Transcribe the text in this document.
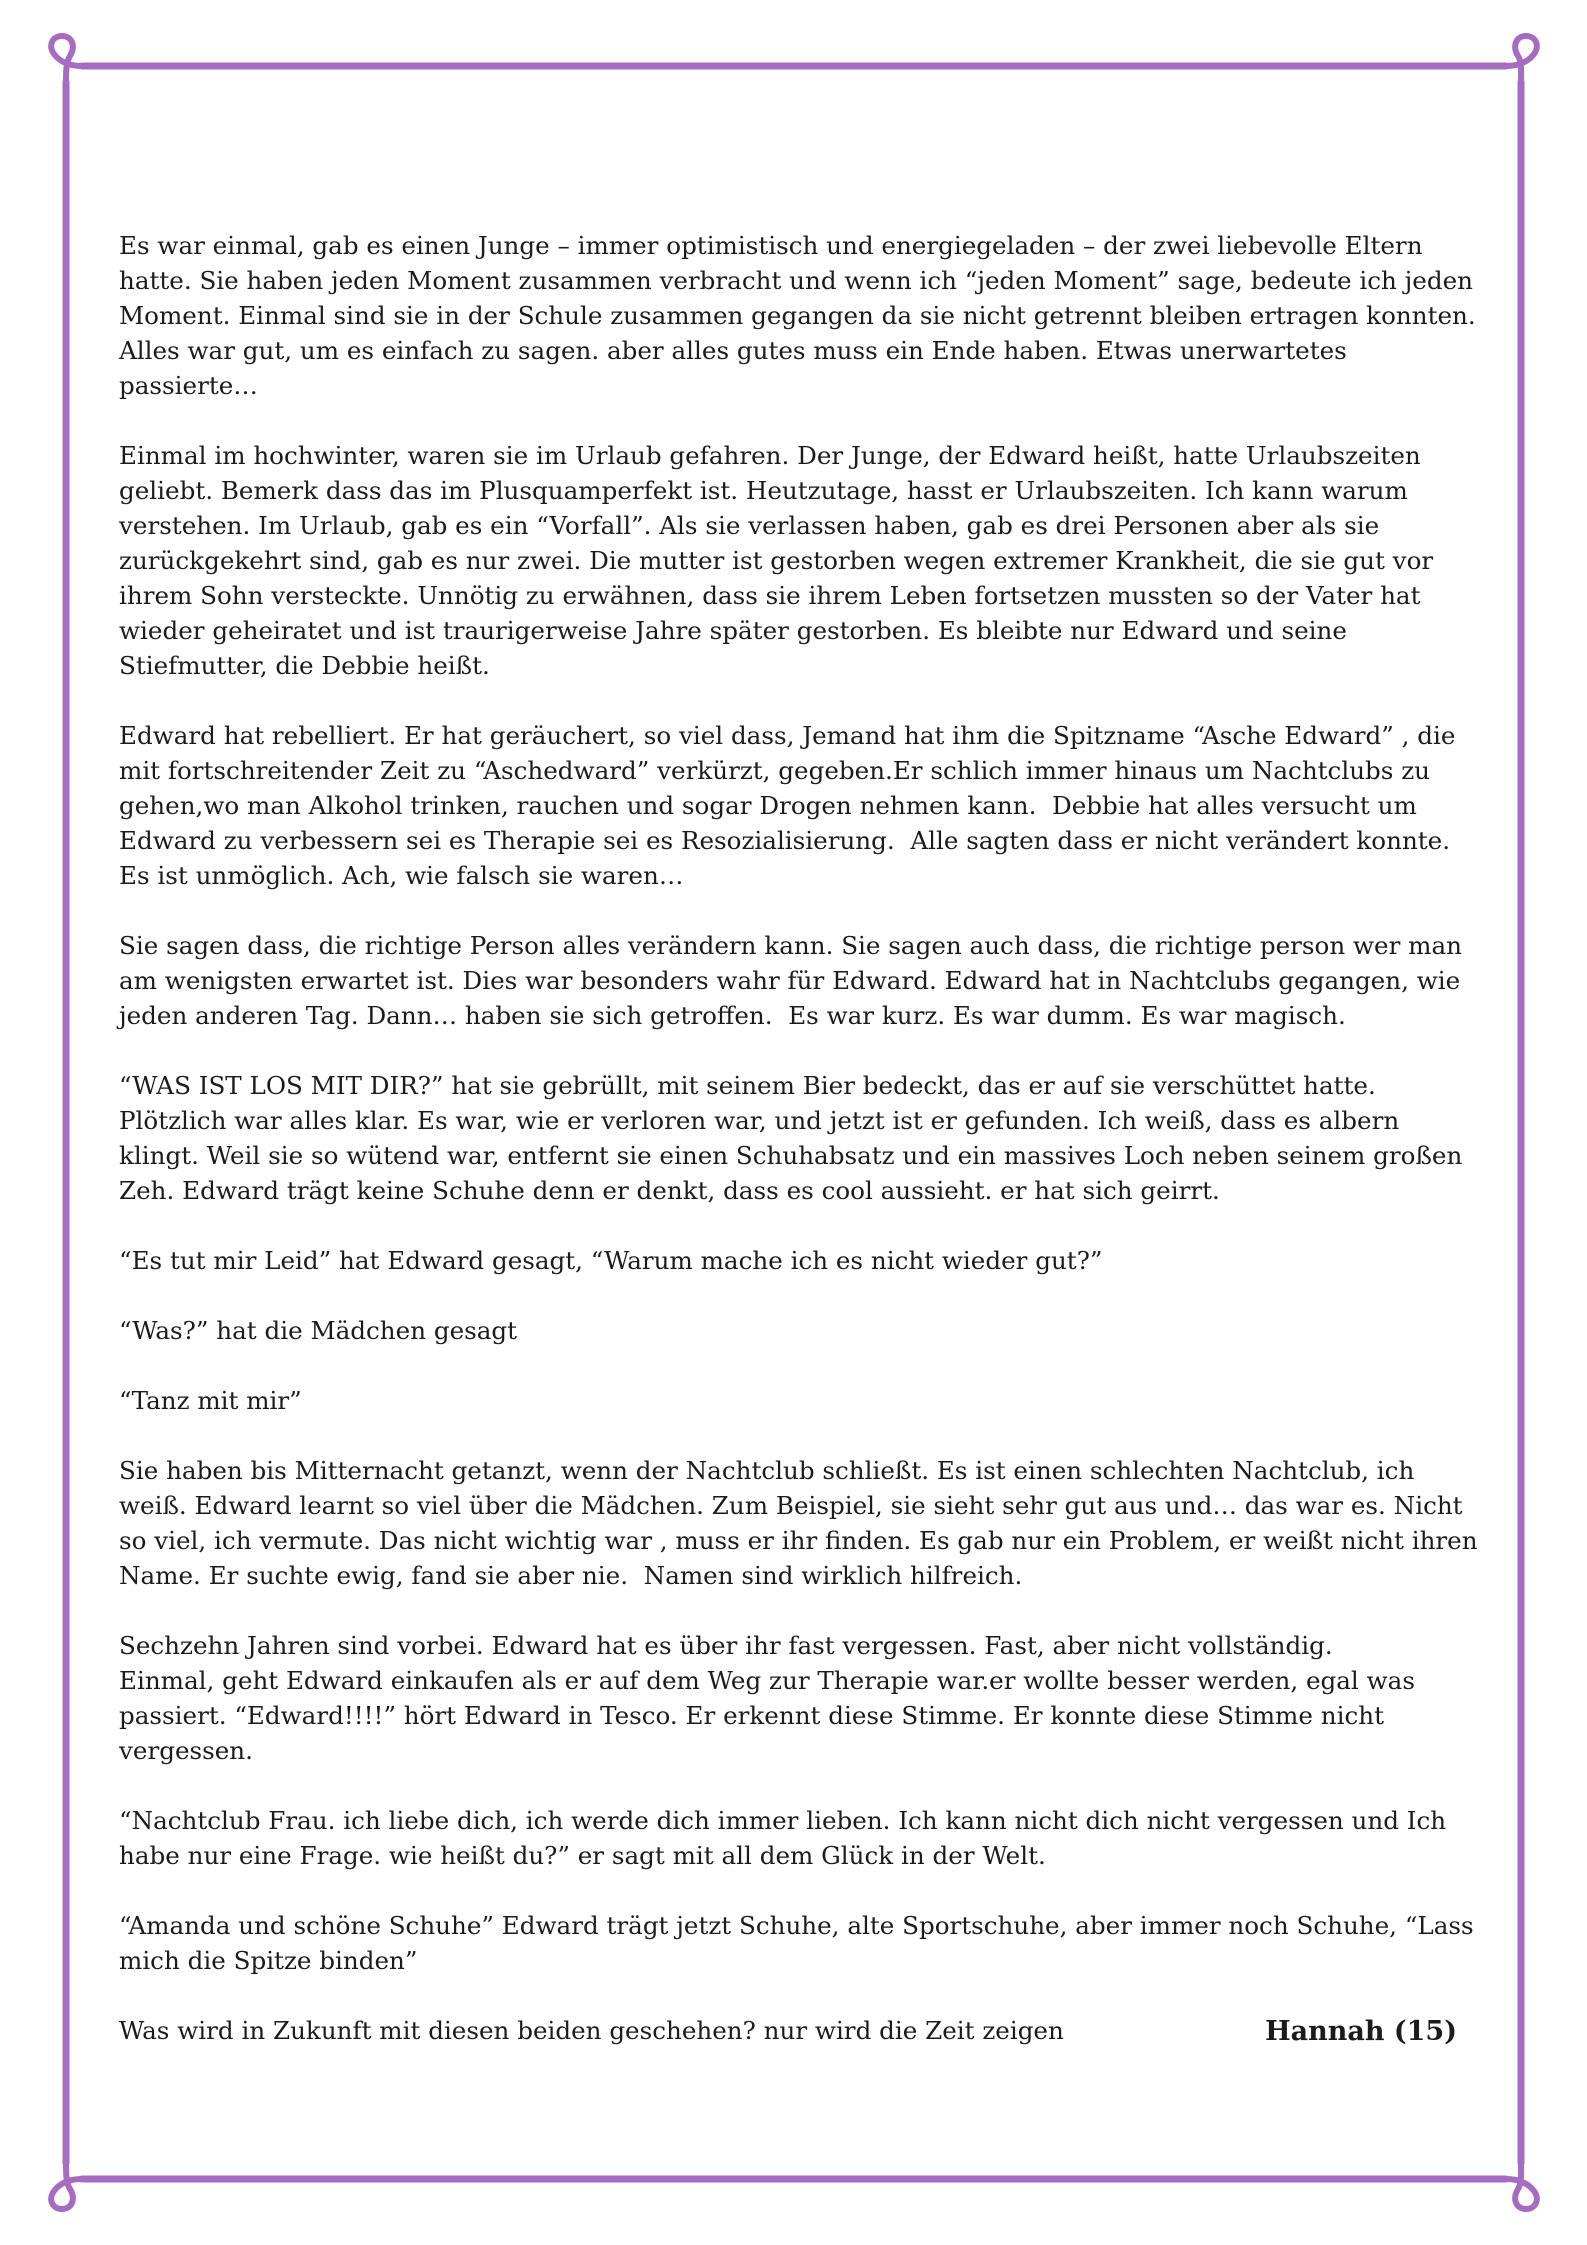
Es war einmal, gab es einen Junge – immer optimistisch und energiegeladen – der zwei liebevolle Eltern hatte. Sie haben jeden Moment zusammen verbracht und wenn ich “jeden Moment” sage, bedeute ich jeden Moment. Einmal sind sie in der Schule zusammen gegangen da sie nicht getrennt bleiben ertragen konnten. Alles war gut, um es einfach zu sagen. aber alles gutes muss ein Ende haben. Etwas unerwartetes passierte…

Einmal im hochwinter, waren sie im Urlaub gefahren. Der Junge, der Edward heißt, hatte Urlaubszeiten geliebt. Bemerk dass das im Plusquamperfekt ist. Heutzutage, hasst er Urlaubszeiten. Ich kann warum verstehen. Im Urlaub, gab es ein “Vorfall”. Als sie verlassen haben, gab es drei Personen aber als sie zurückgekehrt sind, gab es nur zwei. Die mutter ist gestorben wegen extremer Krankheit, die sie gut vor ihrem Sohn versteckte. Unnötig zu erwähnen, dass sie ihrem Leben fortsetzen mussten so der Vater hat wieder geheiratet und ist traurigerweise Jahre später gestorben. Es bleibte nur Edward und seine Stiefmutter, die Debbie heißt.

Edward hat rebelliert. Er hat geräuchert, so viel dass, Jemand hat ihm die Spitzname “Asche Edward” , die mit fortschreitender Zeit zu “Aschedward” verkürzt, gegeben.Er schlich immer hinaus um Nachtclubs zu gehen,wo man Alkohol trinken, rauchen und sogar Drogen nehmen kann.  Debbie hat alles versucht um Edward zu verbessern sei es Therapie sei es Resozialisierung.  Alle sagten dass er nicht verändert konnte. Es ist unmöglich. Ach, wie falsch sie waren…

Sie sagen dass, die richtige Person alles verändern kann. Sie sagen auch dass, die richtige person wer man am wenigsten erwartet ist. Dies war besonders wahr für Edward. Edward hat in Nachtclubs gegangen, wie jeden anderen Tag. Dann… haben sie sich getroffen.  Es war kurz. Es war dumm. Es war magisch.

“WAS IST LOS MIT DIR?” hat sie gebrüllt, mit seinem Bier bedeckt, das er auf sie verschüttet hatte. Plötzlich war alles klar. Es war, wie er verloren war, und jetzt ist er gefunden. Ich weiß, dass es albern klingt. Weil sie so wütend war, entfernt sie einen Schuhabsatz und ein massives Loch neben seinem großen Zeh. Edward trägt keine Schuhe denn er denkt, dass es cool aussieht. er hat sich geirrt.

“Es tut mir Leid” hat Edward gesagt, “Warum mache ich es nicht wieder gut?”

“Was?” hat die Mädchen gesagt

“Tanz mit mir”

Sie haben bis Mitternacht getanzt, wenn der Nachtclub schließt. Es ist einen schlechten Nachtclub, ich weiß. Edward learnt so viel über die Mädchen. Zum Beispiel, sie sieht sehr gut aus und… das war es. Nicht so viel, ich vermute. Das nicht wichtig war , muss er ihr finden. Es gab nur ein Problem, er weißt nicht ihren Name. Er suchte ewig, fand sie aber nie.  Namen sind wirklich hilfreich.

Sechzehn Jahren sind vorbei. Edward hat es über ihr fast vergessen. Fast, aber nicht vollständig.
Einmal, geht Edward einkaufen als er auf dem Weg zur Therapie war.er wollte besser werden, egal was passiert. “Edward!!!!” hört Edward in Tesco. Er erkennt diese Stimme. Er konnte diese Stimme nicht vergessen.

“Nachtclub Frau. ich liebe dich, ich werde dich immer lieben. Ich kann nicht dich nicht vergessen und Ich habe nur eine Frage. wie heißt du?” er sagt mit all dem Glück in der Welt.

“Amanda und schöne Schuhe” Edward trägt jetzt Schuhe, alte Sportschuhe, aber immer noch Schuhe, “Lass mich die Spitze binden”

Was wird in Zukunft mit diesen beiden geschehen? nur wird die Zeit zeigen	Hannah (15)
